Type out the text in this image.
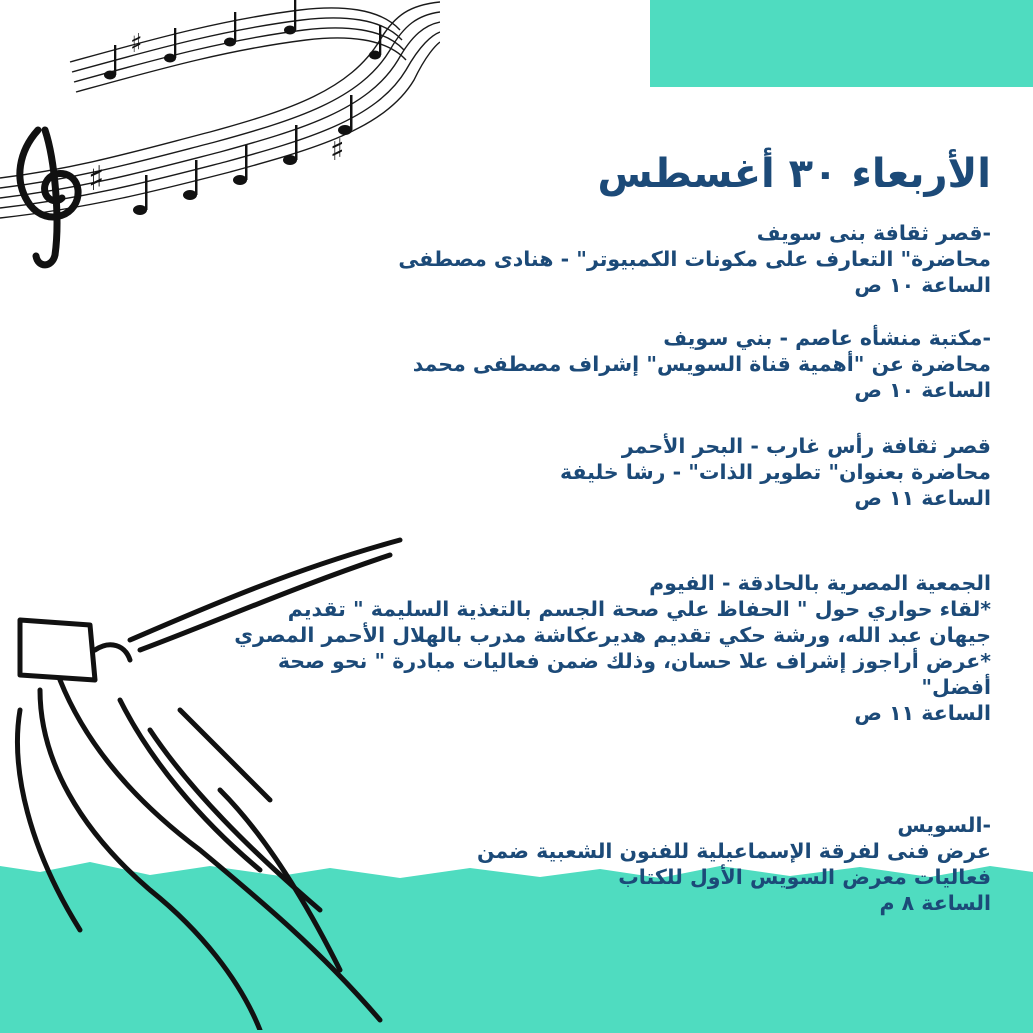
♯
♯
♯
الأربعاء ٣٠ أغسطس
-قصر ثقافة بنى سويف
محاضرة" التعارف على مكونات الكمبيوتر" - هنادى مصطفى
الساعة ١٠ ص
-مكتبة منشأه عاصم - بني سويف
محاضرة عن "أهمية قناة السويس" إشراف مصطفى محمد
الساعة ١٠ ص
قصر ثقافة رأس غارب - البحر الأحمر
محاضرة بعنوان" تطوير الذات" - رشا خليفة
الساعة ١١ ص
الجمعية المصرية بالحادقة - الفيوم
*لقاء حواري حول " الحفاظ علي صحة الجسم بالتغذية السليمة " تقديم جيهان عبد الله، ورشة حكي تقديم هديرعكاشة مدرب بالهلال الأحمر المصري
*عرض أراجوز إشراف علا حسان، وذلك ضمن فعاليات مبادرة " نحو صحة أفضل"
الساعة ١١ ص
-السويس
عرض فنى لفرقة الإسماعيلية للفنون الشعبية ضمن
فعاليات معرض السويس الأول للكتاب
الساعة ٨ م
